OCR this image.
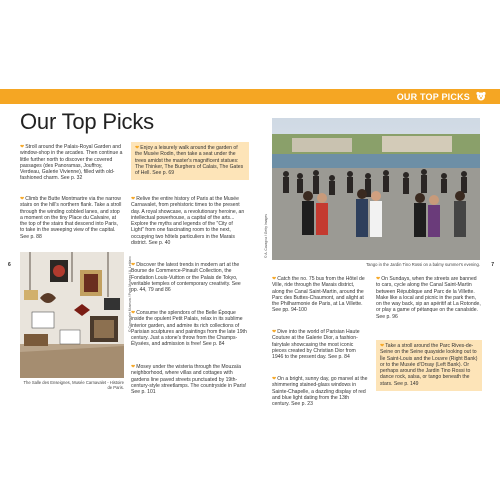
OUR TOP PICKS
6	7
Our Top Picks
❤Stroll around the Palais-Royal Garden and window-shop in the arcades. Then continue a little further north to discover the covered passages (des Panoramas, Jouffroy, Verdeau, Galerie Vivienne), filled with old-fashioned charm. See p. 32
❤Climb the Butte Montmartre via the narrow stairs on the hill's northern flank. Take a stroll through the winding cobbled lanes, and stop a moment on the tiny Place du Calvaire, at the top of the stairs that descend into Paris, to take in the sweeping view of the capital. See p. 88
© Carnavalet Museum / Paris Musées / A. Leblanc
The Salle des Enseignes, Musée Carnavalet - Histoire de Paris.
❤Enjoy a leisurely walk around the garden of the Musée Rodin, then take a seat under the trees amidst the master's magnificent statues: The Thinker, The Burghers of Calais, The Gates of Hell. See p. 69
❤Relive the entire history of Paris at the Musée Carnavalet, from prehistoric times to the present day. A royal showcase, a revolutionary heroine, an intellectual powerhouse, a capital of the arts... Explore the myths and legends of the "City of Light" from one fascinating room to the next, occupying two hôtels particuliers in the Marais district. See p. 40
❤Discover the latest trends in modern art at the Bourse de Commerce-Pinault Collection, the Fondation Louis-Vuitton or the Palais de Tokyo, veritable temples of contemporary creativity. See pp. 44, 79 and 86
❤Consume the splendors of the Belle Époque inside the opulent Petit Palais, relax in its sublime interior garden, and admire its rich collections of Parisian sculptures and paintings from the late 19th century. Just a stone's throw from the Champs-Élysées, and admission is free! See p. 84
❤Mosey under the wisteria through the Mouzaïa neighborhood, where villas and cottages with gardens line paved streets punctuated by 19th-century-style streetlamps. The countryside in Paris! See p. 101
© A. Cavagna / Getty Images
Tango in the Jardin Tino Rossi on a balmy summer's evening.
❤Catch the no. 75 bus from the Hôtel de Ville, ride through the Marais district, along the Canal Saint-Martin, around the Parc des Buttes-Chaumont, and alight at the Philharmonie de Paris, at La Villette. See pp. 94-100
❤Dive into the world of Parisian Haute Couture at the Galerie Dior, a fashion-fairytale showcasing the most iconic pieces created by Christian Dior from 1946 to the present day. See p. 84
❤On a bright, sunny day, go marvel at the shimmering stained-glass windows in Sainte-Chapelle, a dazzling display of red and blue light dating from the 13th century. See p. 23
❤On Sundays, when the streets are banned to cars, cycle along the Canal Saint-Martin between République and Parc de la Villette. Make like a local and picnic in the park then, on the way back, sip an apéritif at La Rotonde, or play a game of pétanque on the canalside. See p. 96
❤Take a stroll around the Parc Rives-de-Seine on the Seine quayside looking out to Île Saint-Louis and the Louvre (Right Bank) or to the Musée d'Orsay (Left Bank). Or perhaps around the Jardin Tino Rossi to dance rock, salsa, or tango beneath the stars. See p. 149
